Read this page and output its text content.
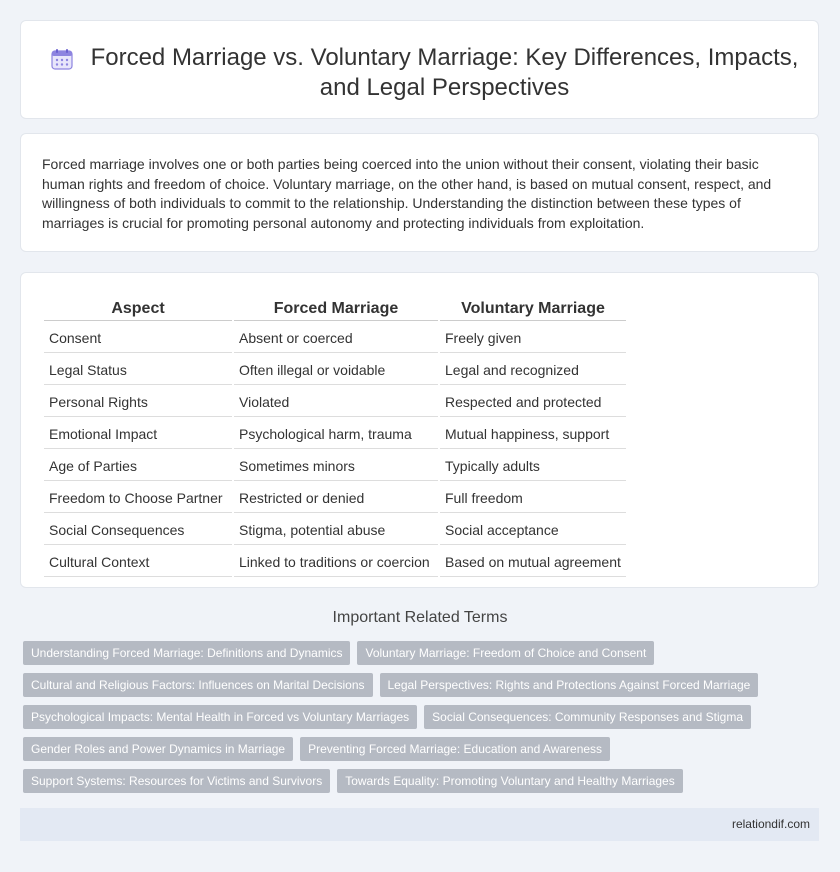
Forced Marriage vs. Voluntary Marriage: Key Differences, Impacts, and Legal Perspectives

Forced marriage involves one or both parties being coerced into the union without their consent, violating their basic human rights and freedom of choice. Voluntary marriage, on the other hand, is based on mutual consent, respect, and willingness of both individuals to commit to the relationship. Understanding the distinction between these types of marriages is crucial for promoting personal autonomy and protecting individuals from exploitation.

Aspect	Forced Marriage	Voluntary Marriage
Consent	Absent or coerced	Freely given
Legal Status	Often illegal or voidable	Legal and recognized
Personal Rights	Violated	Respected and protected
Emotional Impact	Psychological harm, trauma	Mutual happiness, support
Age of Parties	Sometimes minors	Typically adults
Freedom to Choose Partner	Restricted or denied	Full freedom
Social Consequences	Stigma, potential abuse	Social acceptance
Cultural Context	Linked to traditions or coercion	Based on mutual agreement
Important Related Terms
Understanding Forced Marriage: Definitions and Dynamics	Voluntary Marriage: Freedom of Choice and Consent
Cultural and Religious Factors: Influences on Marital Decisions	Legal Perspectives: Rights and Protections Against Forced Marriage
Psychological Impacts: Mental Health in Forced vs Voluntary Marriages	Social Consequences: Community Responses and Stigma
Gender Roles and Power Dynamics in Marriage	Preventing Forced Marriage: Education and Awareness
Support Systems: Resources for Victims and Survivors	Towards Equality: Promoting Voluntary and Healthy Marriages
relationdif.com
